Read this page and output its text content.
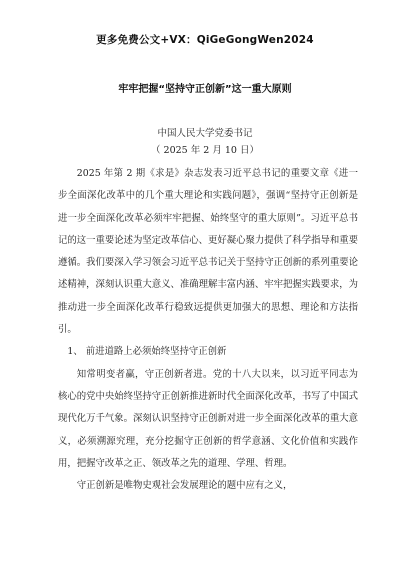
更多免费公文+VX：QiGeGongWen2024
牢牢把握“坚持守正创新”这一重大原则
中国人民大学党委书记
（ 2025 年 2 月 10 日）

2025 年第 2 期《求是》杂志发表习近平总书记的重要文章《进一步全面深化改革中的几个重大理论和实践问题》，强调“坚持守正创新是进一步全面深化改革必须牢牢把握、始终坚守的重大原则”。习近平总书记的这一重要论述为坚定改革信心、更好凝心聚力提供了科学指导和重要遵循。我们要深入学习领会习近平总书记关于坚持守正创新的系列重要论述精神，深刻认识重大意义、准确理解丰富内涵、牢牢把握实践要求，为推动进一步全面深化改革行稳致远提供更加强大的思想、理论和方法指引。

1、 前进道路上必须始终坚持守正创新

知常明变者赢，守正创新者进。党的十八大以来，以习近平同志为核心的党中央始终坚持守正创新推进新时代全面深化改革，书写了中国式现代化万千气象。深刻认识坚持守正创新对进一步全面深化改革的重大意义，必须溯源究理，充分挖掘守正创新的哲学意涵、文化价值和实践作用，把握守改革之正、领改革之先的道理、学理、哲理。

守正创新是唯物史观社会发展理论的题中应有之义，
